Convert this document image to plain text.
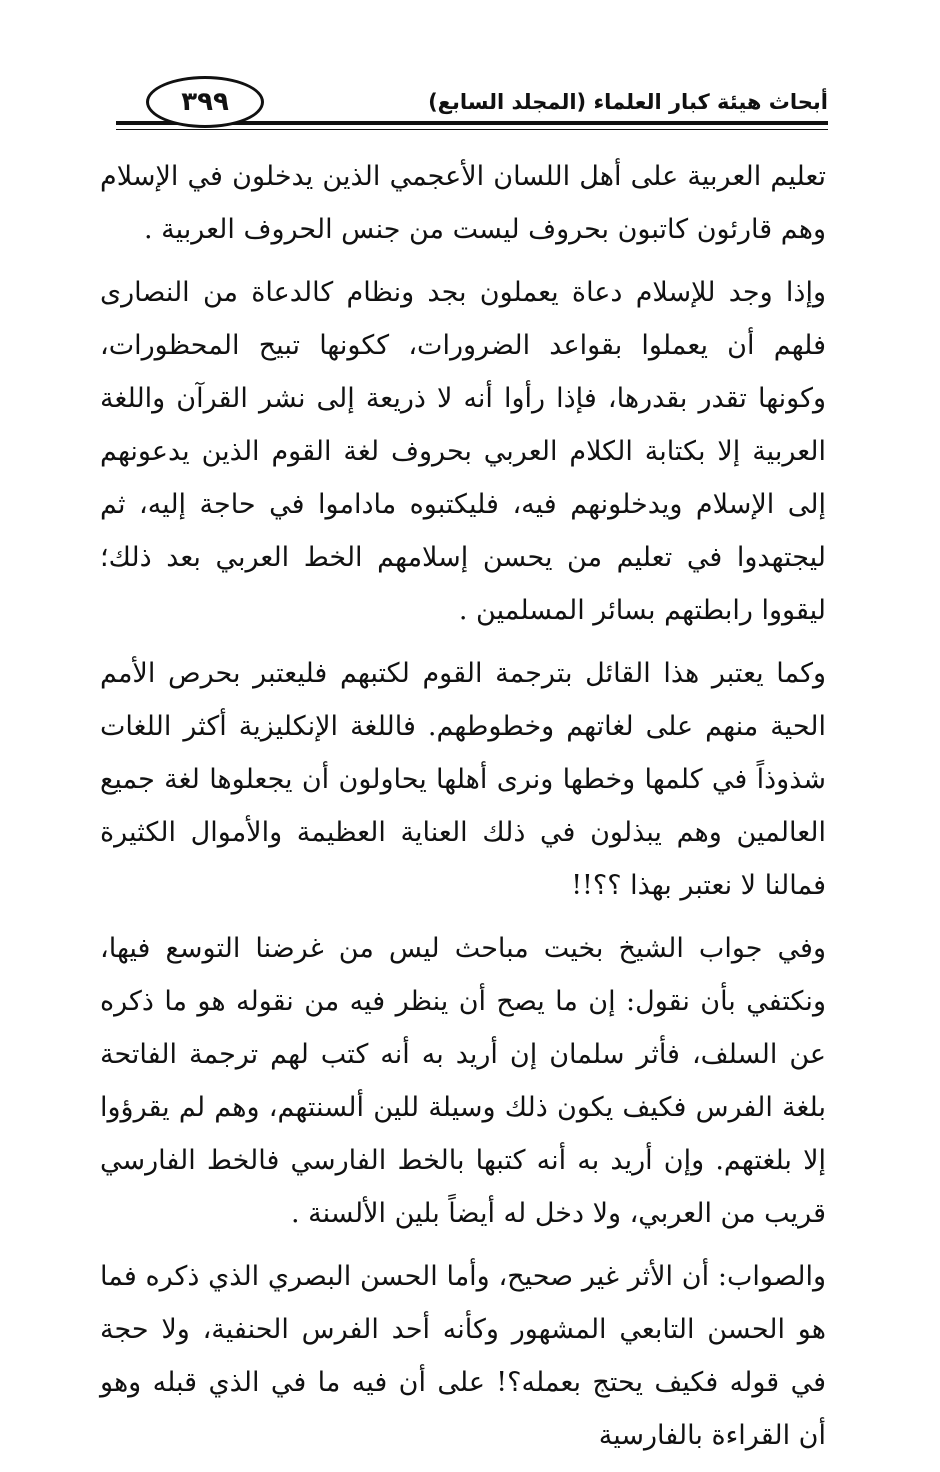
أبحاث هيئة كبار العلماء (المجلد السابع)
٣٩٩

تعليم العربية على أهل اللسان الأعجمي الذين يدخلون في الإسلام وهم قارئون كاتبون بحروف ليست من جنس الحروف العربية .

وإذا وجد للإسلام دعاة يعملون بجد ونظام كالدعاة من النصارى فلهم أن يعملوا بقواعد الضرورات، ككونها تبيح المحظورات، وكونها تقدر بقدرها، فإذا رأوا أنه لا ذريعة إلى نشر القرآن واللغة العربية إلا بكتابة الكلام العربي بحروف لغة القوم الذين يدعونهم إلى الإسلام ويدخلونهم فيه، فليكتبوه ماداموا في حاجة إليه، ثم ليجتهدوا في تعليم من يحسن إسلامهم الخط العربي بعد ذلك؛ ليقووا رابطتهم بسائر المسلمين .

وكما يعتبر هذا القائل بترجمة القوم لكتبهم فليعتبر بحرص الأمم الحية منهم على لغاتهم وخطوطهم. فاللغة الإنكليزية أكثر اللغات شذوذاً في كلمها وخطها ونرى أهلها يحاولون أن يجعلوها لغة جميع العالمين وهم يبذلون في ذلك العناية العظيمة والأموال الكثيرة فمالنا لا نعتبر بهذا ؟؟!!

وفي جواب الشيخ بخيت مباحث ليس من غرضنا التوسع فيها، ونكتفي بأن نقول: إن ما يصح أن ينظر فيه من نقوله هو ما ذكره عن السلف، فأثر سلمان إن أريد به أنه كتب لهم ترجمة الفاتحة بلغة الفرس فكيف يكون ذلك وسيلة للين ألسنتهم، وهم لم يقرؤوا إلا بلغتهم. وإن أريد به أنه كتبها بالخط الفارسي فالخط الفارسي قريب من العربي، ولا دخل له أيضاً بلين الألسنة .

والصواب: أن الأثر غير صحيح، وأما الحسن البصري الذي ذكره فما هو الحسن التابعي المشهور وكأنه أحد الفرس الحنفية، ولا حجة في قوله فكيف يحتج بعمله؟! على أن فيه ما في الذي قبله وهو أن القراءة بالفارسية
